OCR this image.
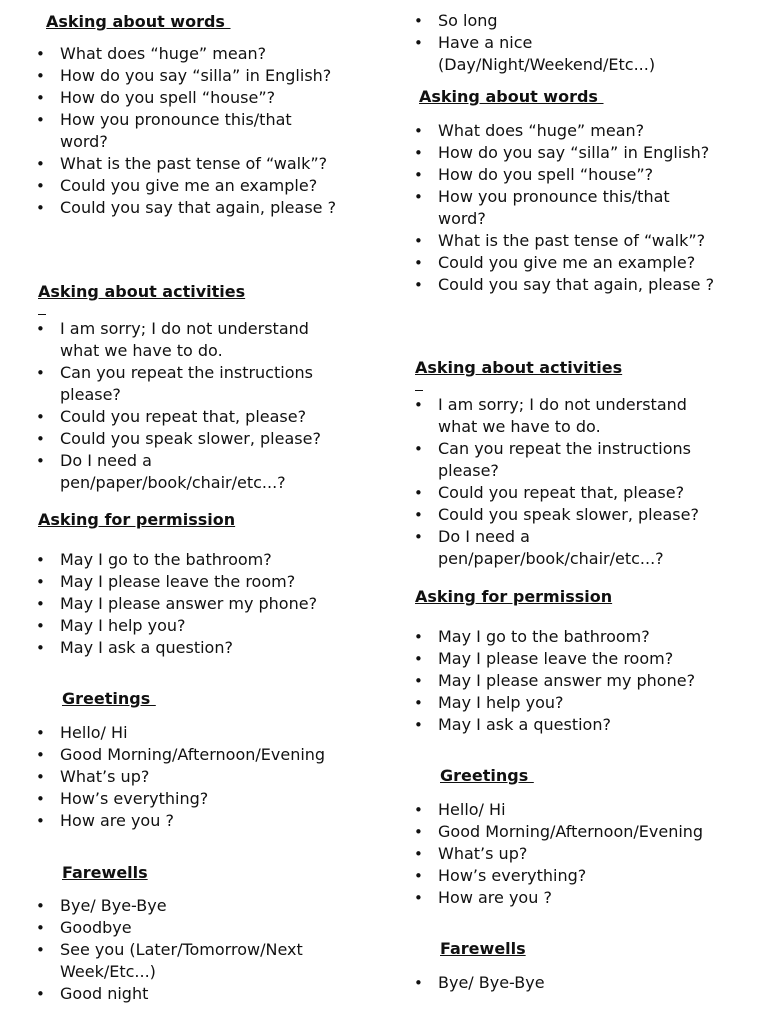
Asking about words
• What does “huge” mean?
• How do you say “silla” in English?
• How do you spell “house”?
• How you pronounce this/that word?
• What is the past tense of “walk”?
• Could you give me an example?
• Could you say that again, please ?
Asking about activities
• I am sorry; I do not understand what we have to do.
• Can you repeat the instructions please?
• Could you repeat that, please?
• Could you speak slower, please?
• Do I need a pen/paper/book/chair/etc...?
Asking for permission
• May I go to the bathroom?
• May I please leave the room?
• May I please answer my phone?
• May I help you?
• May I ask a question?
Greetings
• Hello/ Hi
• Good Morning/Afternoon/Evening
• What’s up?
• How’s everything?
• How are you ?
Farewells
• Bye/ Bye-Bye
• Goodbye
• See you (Later/Tomorrow/Next Week/Etc...)
• Good night
• So long
• Have a nice (Day/Night/Weekend/Etc...)
Asking about words
• What does “huge” mean?
• How do you say “silla” in English?
• How do you spell “house”?
• How you pronounce this/that word?
• What is the past tense of “walk”?
• Could you give me an example?
• Could you say that again, please ?
Asking about activities
• I am sorry; I do not understand what we have to do.
• Can you repeat the instructions please?
• Could you repeat that, please?
• Could you speak slower, please?
• Do I need a pen/paper/book/chair/etc...?
Asking for permission
• May I go to the bathroom?
• May I please leave the room?
• May I please answer my phone?
• May I help you?
• May I ask a question?
Greetings
• Hello/ Hi
• Good Morning/Afternoon/Evening
• What’s up?
• How’s everything?
• How are you ?
Farewells
• Bye/ Bye-Bye
